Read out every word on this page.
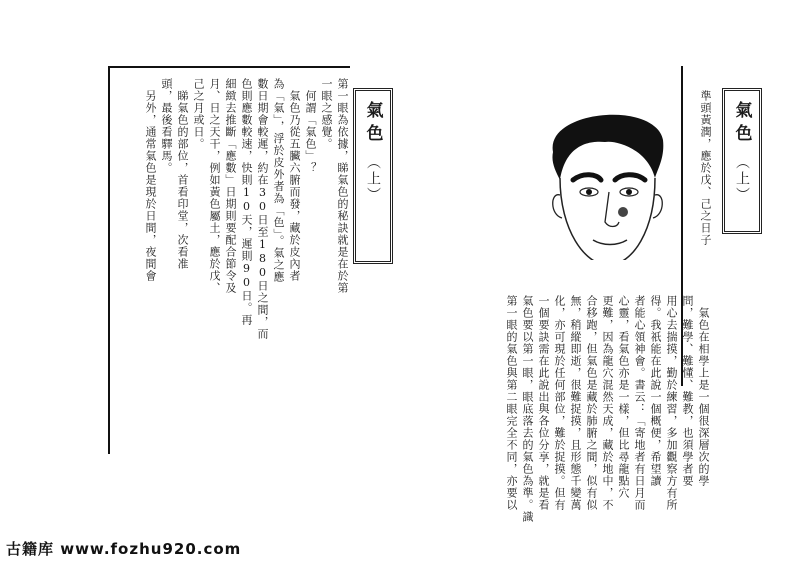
氣色
（上）
第一眼為依據，睇氣色的秘訣就是在於第
一眼之感覺。
　何謂「氣色」？
　氣色乃從五臟六腑而發，藏於皮內者
為「氣」，浮於皮外者為「色」。氣之應
數日期會較遲，約在30日至180日之間，而
色則應數較速，快則10天，遲則90日。再
細緻去推斷「應數」日期則要配合節令及
月、日之天干，例如黃色屬土，應於戊、
己之月或日。
　睇氣色的部位，首看印堂，次看准
頭，最後看驛馬。
　另外，通常氣色是現於日間，夜間會	氣色
（上）
準頭黃潤，應於戊、己之日子
　氣色在相學上是一個很深層次的學
問，難學、難懂、難教，也須學者要
用心去揣摸，勤於練習，多加觀察方有所
得。我祇能在此說一個概便，希望讀
者能心領神會。書云：「寄地者有日月而
心靈，看氣色亦是一樣，但比尋龍點穴
更難，因為龍穴混然天成，藏於地中，不
合移跑，但氣色是藏於肺腑之間，似有似
無，稍縱即逝，很難捉摸，且形態千變萬
化，亦可現於任何部位，難於捉摸。但有
一個要訣需在此說出與各位分享，就是看
氣色要以第一眼，眼底落去的氣色為準。識
第一眼的氣色與第二眼完全不同，亦要以
古籍库 www.fozhu920.com
